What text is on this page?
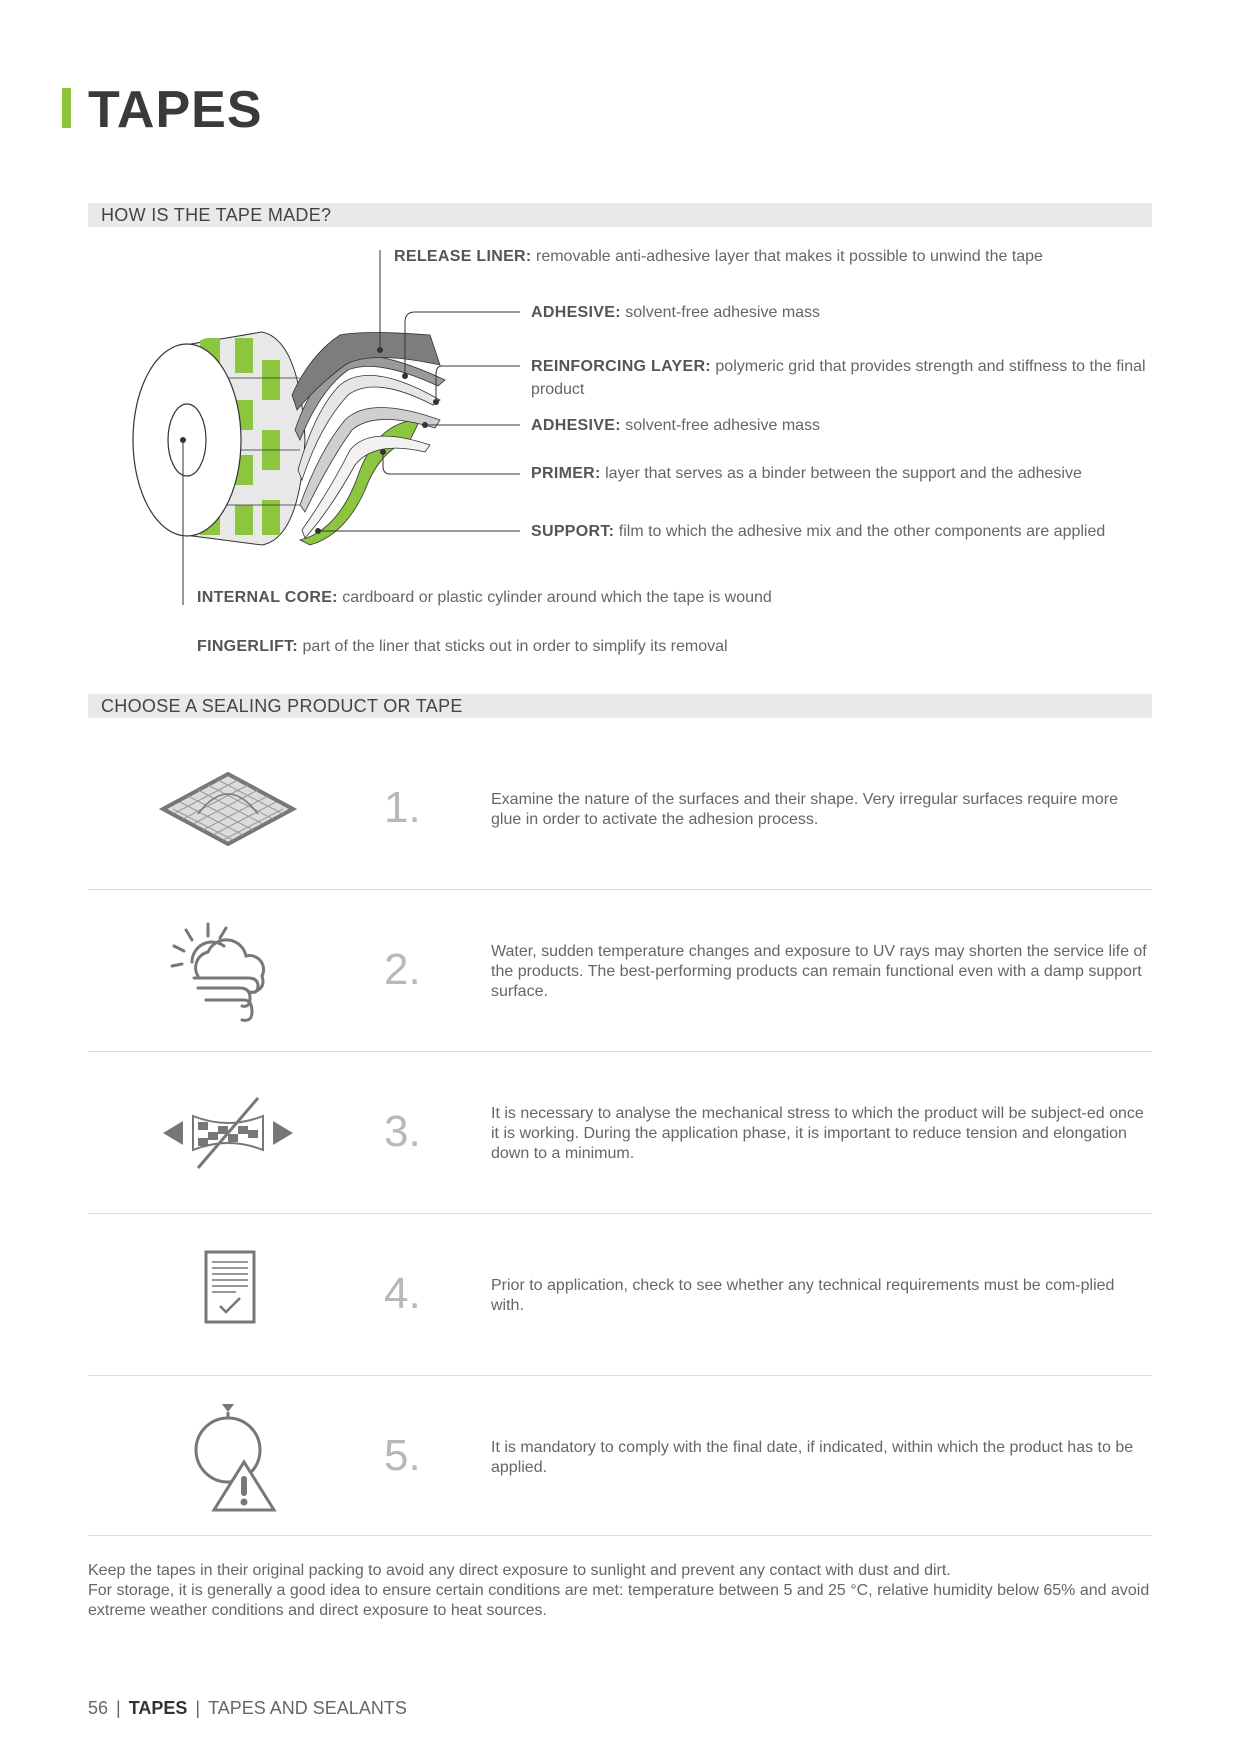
TAPES
HOW IS THE TAPE MADE?
RELEASE LINER: removable anti-adhesive layer that makes it possible to unwind the tape
ADHESIVE: solvent-free adhesive mass
REINFORCING LAYER: polymeric grid that provides strength and stiffness to the final product
ADHESIVE: solvent-free adhesive mass
PRIMER: layer that serves as a binder between the support and the adhesive
SUPPORT: film to which the adhesive mix and the other components are applied
INTERNAL CORE: cardboard or plastic cylinder around which the tape is wound
FINGERLIFT: part of the liner that sticks out in order to simplify its removal
CHOOSE A SEALING PRODUCT OR TAPE
1.	Examine the nature of the surfaces and their shape. Very irregular surfaces require more glue in order to activate the adhesion process.
2.	Water, sudden temperature changes and exposure to UV rays may shorten the service life of the products. The best-performing products can remain functional even with a damp support surface.
3.	It is necessary to analyse the mechanical stress to which the product will be subject-ed once it is working. During the application phase, it is important to reduce tension and elongation down to a minimum.
4.	Prior to application, check to see whether any technical requirements must be com-plied with.
5.	It is mandatory to comply with the final date, if indicated, within which the product has to be applied.
Keep the tapes in their original packing to avoid any direct exposure to sunlight and prevent any contact with dust and dirt.
For storage, it is generally a good idea to ensure certain conditions are met: temperature between 5 and 25 °C, relative humidity below 65% and avoid extreme weather conditions and direct exposure to heat sources.
56 | TAPES | TAPES AND SEALANTS
